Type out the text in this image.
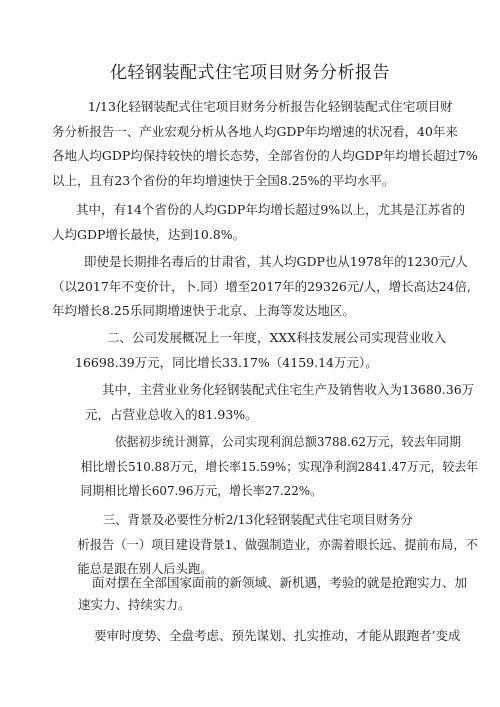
化轻钢装配式住宅项目财务分析报告
1/13化轻钢装配式住宅项目财务分析报告化轻钢装配式住宅项目财
务分析报告一、产业宏观分析从各地人均GDP年均增速的状况看，40年来
各地人均GDP均保持较快的增长态势，全部省份的人均GDP年均增长超过7%
以上，且有23个省份的年均增速快于全国8.25%的平均水平。
其中，有14个省份的人均GDP年均增长超过9%以上，尤其是江苏省的
人均GDP增长最快，达到10.8%。
即使是长期排名毒后的甘肃省，其人均GDP也从1978年的1230元/人
（以2017年不变价计，卜.同）增至2017年的29326元/人，增长高达24倍,
年均增长8.25乐同期增速快于北京、上海等发达地区。
二、公司发展概况上一年度，XXX科技发展公司实现营业收入
16698.39万元，同比增长33.17%（4159.14万元）。
其中，主营业业务化轻钢装配式住宅生产及销售收入为13680.36万
元，占营业总收入的81.93%。
依据初步统计测算，公司实现利润总额3788.62万元，较去年同期
相比增长510.88万元，增长率15.59%；实现净利润2841.47万元，较去年
同期相比增长607.96万元，增长率27.22%。
三、背景及必要性分析2/13化轻钢装配式住宅项目财务分
析报告（一）项目建设背景1、做强制造业，亦需着眼长远、提前布局，不
能总是跟在别人后头跑。
面对摆在全部国家面前的新领域、新机遇，考验的就是抢跑实力、加
速实力、持续实力。
要审时度势、全盘考虑、预先谋划、扎实推动，才能从跟跑者’变成
